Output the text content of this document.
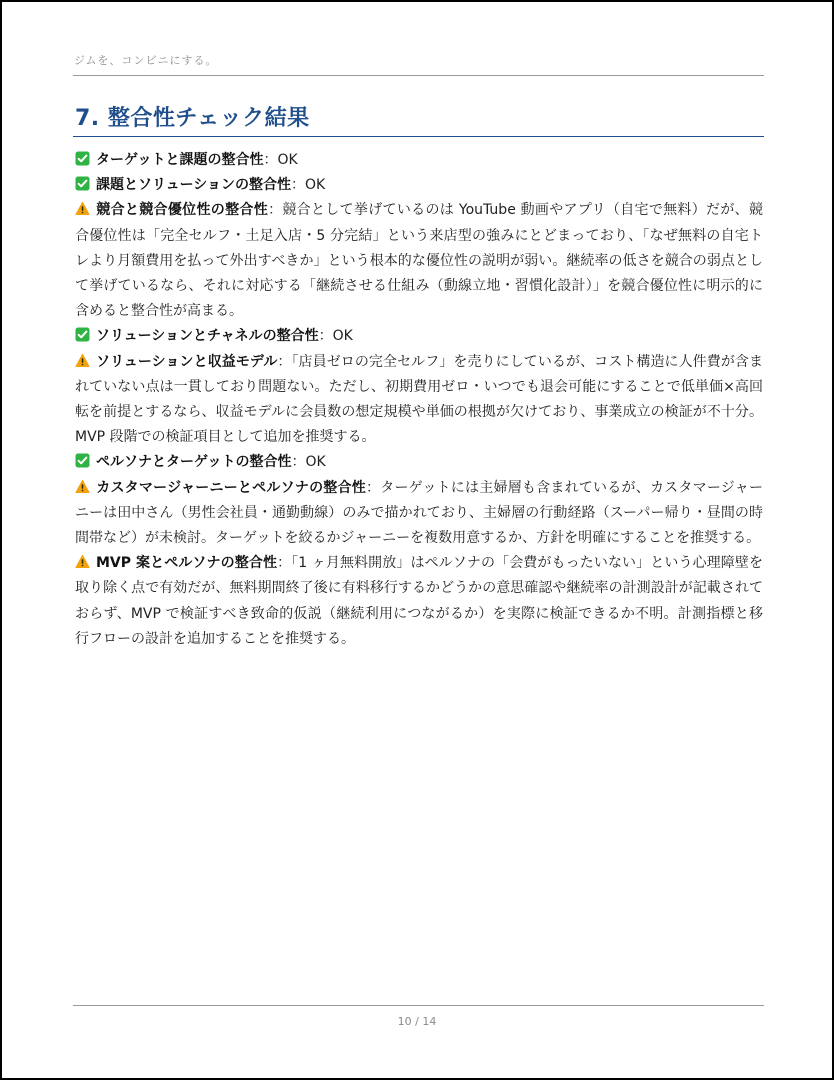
ジムを、コンビニにする。
7. 整合性チェック結果

ターゲットと課題の整合性：OK

課題とソリューションの整合性：OK

競合と競合優位性の整合性：競合として挙げているのは YouTube 動画やアプリ（自宅で無料）だが、競合優位性は「完全セルフ・土足入店・5 分完結」という来店型の強みにとどまっており、「なぜ無料の自宅トレより月額費用を払って外出すべきか」という根本的な優位性の説明が弱い。継続率の低さを競合の弱点として挙げているなら、それに対応する「継続させる仕組み（動線立地・習慣化設計）」を競合優位性に明示的に含めると整合性が高まる。

ソリューションとチャネルの整合性：OK

ソリューションと収益モデル：「店員ゼロの完全セルフ」を売りにしているが、コスト構造に人件費が含まれていない点は一貫しており問題ない。ただし、初期費用ゼロ・いつでも退会可能にすることで低単価×高回転を前提とするなら、収益モデルに会員数の想定規模や単価の根拠が欠けており、事業成立の検証が不十分。MVP 段階での検証項目として追加を推奨する。

ペルソナとターゲットの整合性：OK

カスタマージャーニーとペルソナの整合性：ターゲットには主婦層も含まれているが、カスタマージャーニーは田中さん（男性会社員・通勤動線）のみで描かれており、主婦層の行動経路（スーパー帰り・昼間の時間帯など）が未検討。ターゲットを絞るかジャーニーを複数用意するか、方針を明確にすることを推奨する。

MVP 案とペルソナの整合性：「1 ヶ月無料開放」はペルソナの「会費がもったいない」という心理障壁を取り除く点で有効だが、無料期間終了後に有料移行するかどうかの意思確認や継続率の計測設計が記載されておらず、MVP で検証すべき致命的仮説（継続利用につながるか）を実際に検証できるか不明。計測指標と移行フローの設計を追加することを推奨する。

10 / 14
